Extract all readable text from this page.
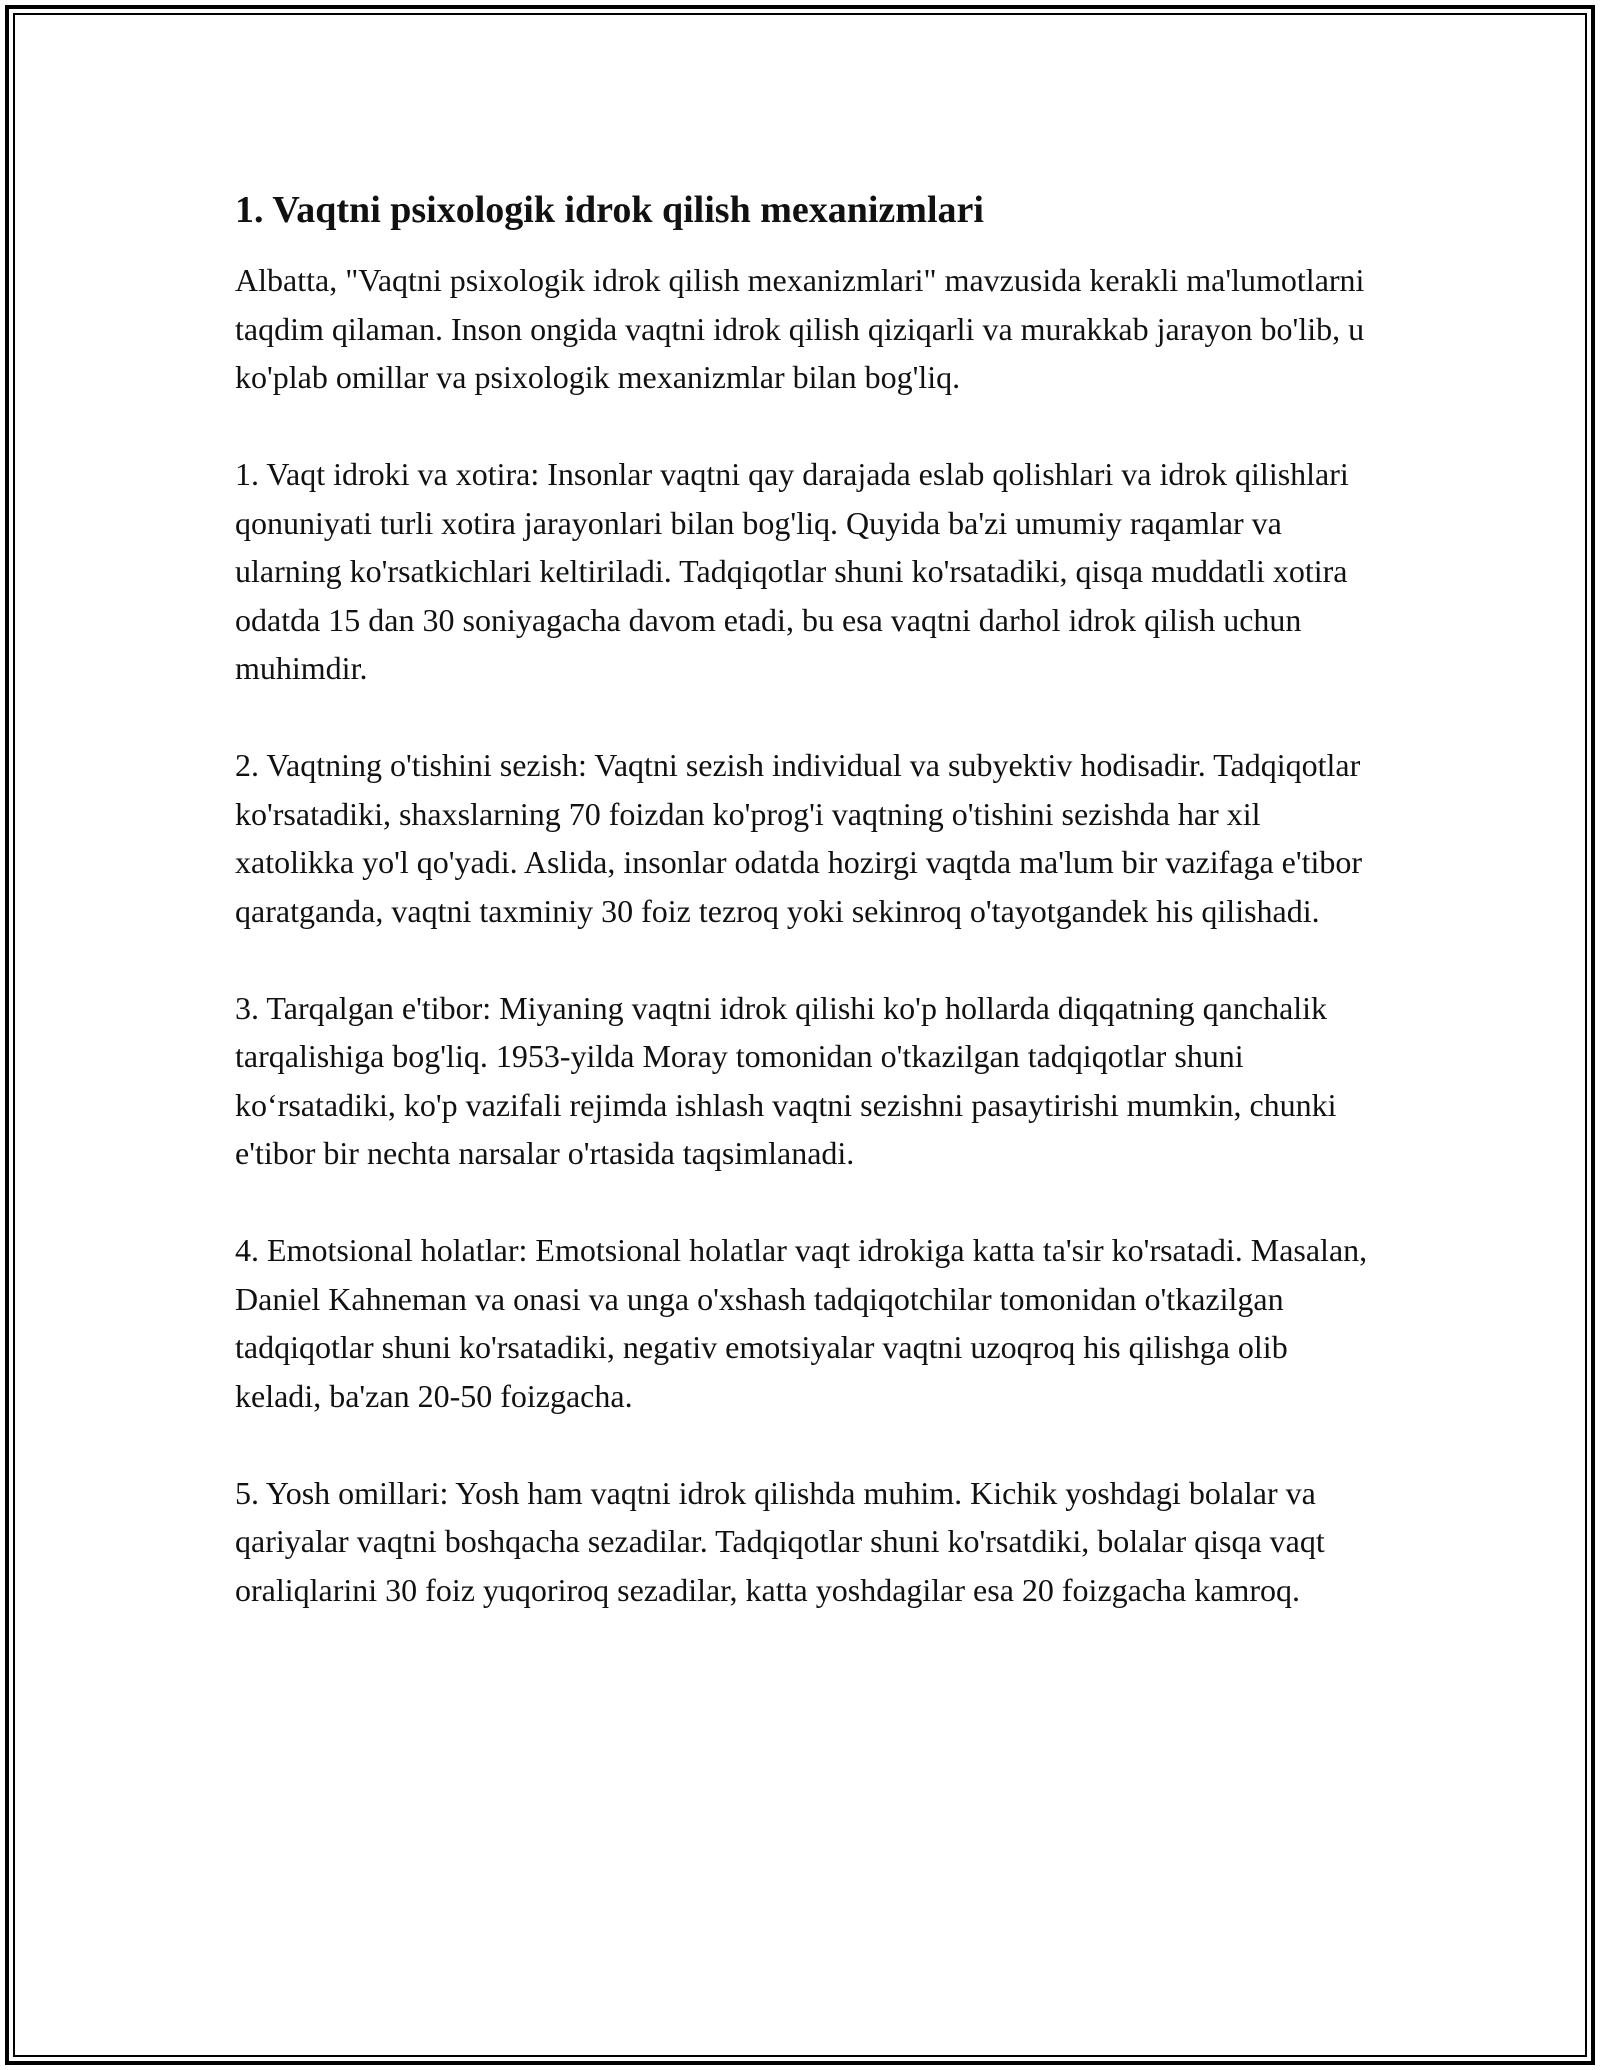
1. Vaqtni psixologik idrok qilish mexanizmlari

Albatta, "Vaqtni psixologik idrok qilish mexanizmlari" mavzusida kerakli ma'lumotlarni taqdim qilaman. Inson ongida vaqtni idrok qilish qiziqarli va murakkab jarayon bo'lib, u ko'plab omillar va psixologik mexanizmlar bilan bog'liq.

1. Vaqt idroki va xotira: Insonlar vaqtni qay darajada eslab qolishlari va idrok qilishlari qonuniyati turli xotira jarayonlari bilan bog'liq. Quyida ba'zi umumiy raqamlar va ularning ko'rsatkichlari keltiriladi. Tadqiqotlar shuni ko'rsatadiki, qisqa muddatli xotira odatda 15 dan 30 soniyagacha davom etadi, bu esa vaqtni darhol idrok qilish uchun muhimdir.

2. Vaqtning o'tishini sezish: Vaqtni sezish individual va subyektiv hodisadir. Tadqiqotlar ko'rsatadiki, shaxslarning 70 foizdan ko'prog'i vaqtning o'tishini sezishda har xil xatolikka yo'l qo'yadi. Aslida, insonlar odatda hozirgi vaqtda ma'lum bir vazifaga e'tibor qaratganda, vaqtni taxminiy 30 foiz tezroq yoki sekinroq o'tayotgandek his qilishadi.

3. Tarqalgan e'tibor: Miyaning vaqtni idrok qilishi ko'p hollarda diqqatning qanchalik tarqalishiga bog'liq. 1953-yilda Moray tomonidan o'tkazilgan tadqiqotlar shuni ko‘rsatadiki, ko'p vazifali rejimda ishlash vaqtni sezishni pasaytirishi mumkin, chunki e'tibor bir nechta narsalar o'rtasida taqsimlanadi.

4. Emotsional holatlar: Emotsional holatlar vaqt idrokiga katta ta'sir ko'rsatadi. Masalan, Daniel Kahneman va onasi va unga o'xshash tadqiqotchilar tomonidan o'tkazilgan tadqiqotlar shuni ko'rsatadiki, negativ emotsiyalar vaqtni uzoqroq his qilishga olib keladi, ba'zan 20-50 foizgacha.

5. Yosh omillari: Yosh ham vaqtni idrok qilishda muhim. Kichik yoshdagi bolalar va qariyalar vaqtni boshqacha sezadilar. Tadqiqotlar shuni ko'rsatdiki, bolalar qisqa vaqt oraliqlarini 30 foiz yuqoriroq sezadilar, katta yoshdagilar esa 20 foizgacha kamroq.
